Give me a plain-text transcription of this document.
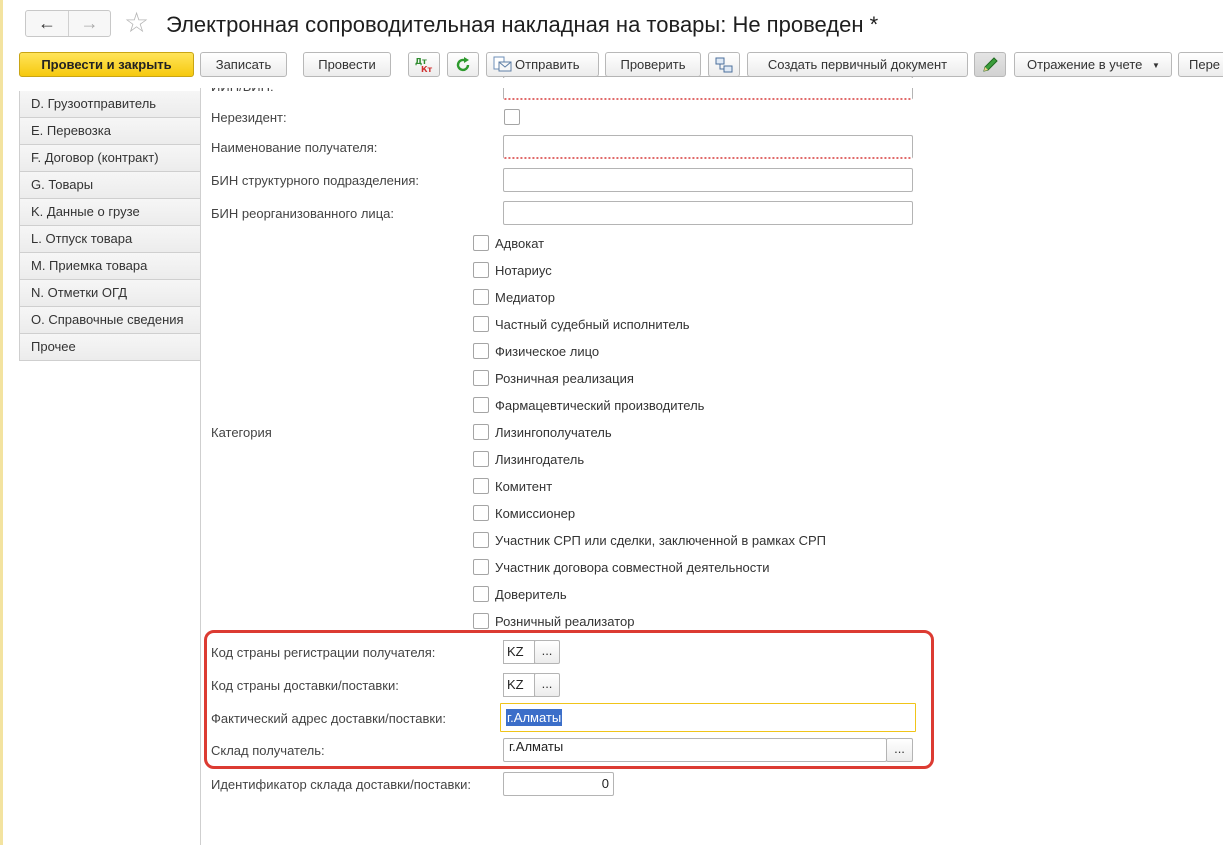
←	→ ☆ Электронная сопроводительная накладная на товары: Не проведен *
Провести и закрыть	Записать	Провести	Дт
Кт	Отправить	Проверить	Создать первичный документ	Отражение в учете ▼	Пере
D. Грузоотправитель
E. Перевозка
F. Договор (контракт)
G. Товары
K. Данные о грузе
L. Отпуск товара
M. Приемка товара
N. Отметки ОГД
O. Справочные сведения
Прочее
Нерезидент:
Наименование получателя:
БИН структурного подразделения:
БИН реорганизованного лица:
Категория
Адвокат
Нотариус
Медиатор
Частный судебный исполнитель
Физическое лицо
Розничная реализация
Фармацевтический производитель
Лизингополучатель
Лизингодатель
Комитент
Комиссионер
Участник СРП или сделки, заключенной в рамках СРП
Участник договора совместной деятельности
Доверитель
Розничный реализатор
Код страны регистрации получателя:	KZ	...
Код страны доставки/поставки:	KZ	...
Фактический адрес доставки/поставки:	г.Алматы
Склад получатель:	г.Алматы	...
Идентификатор склада доставки/поставки:	0
